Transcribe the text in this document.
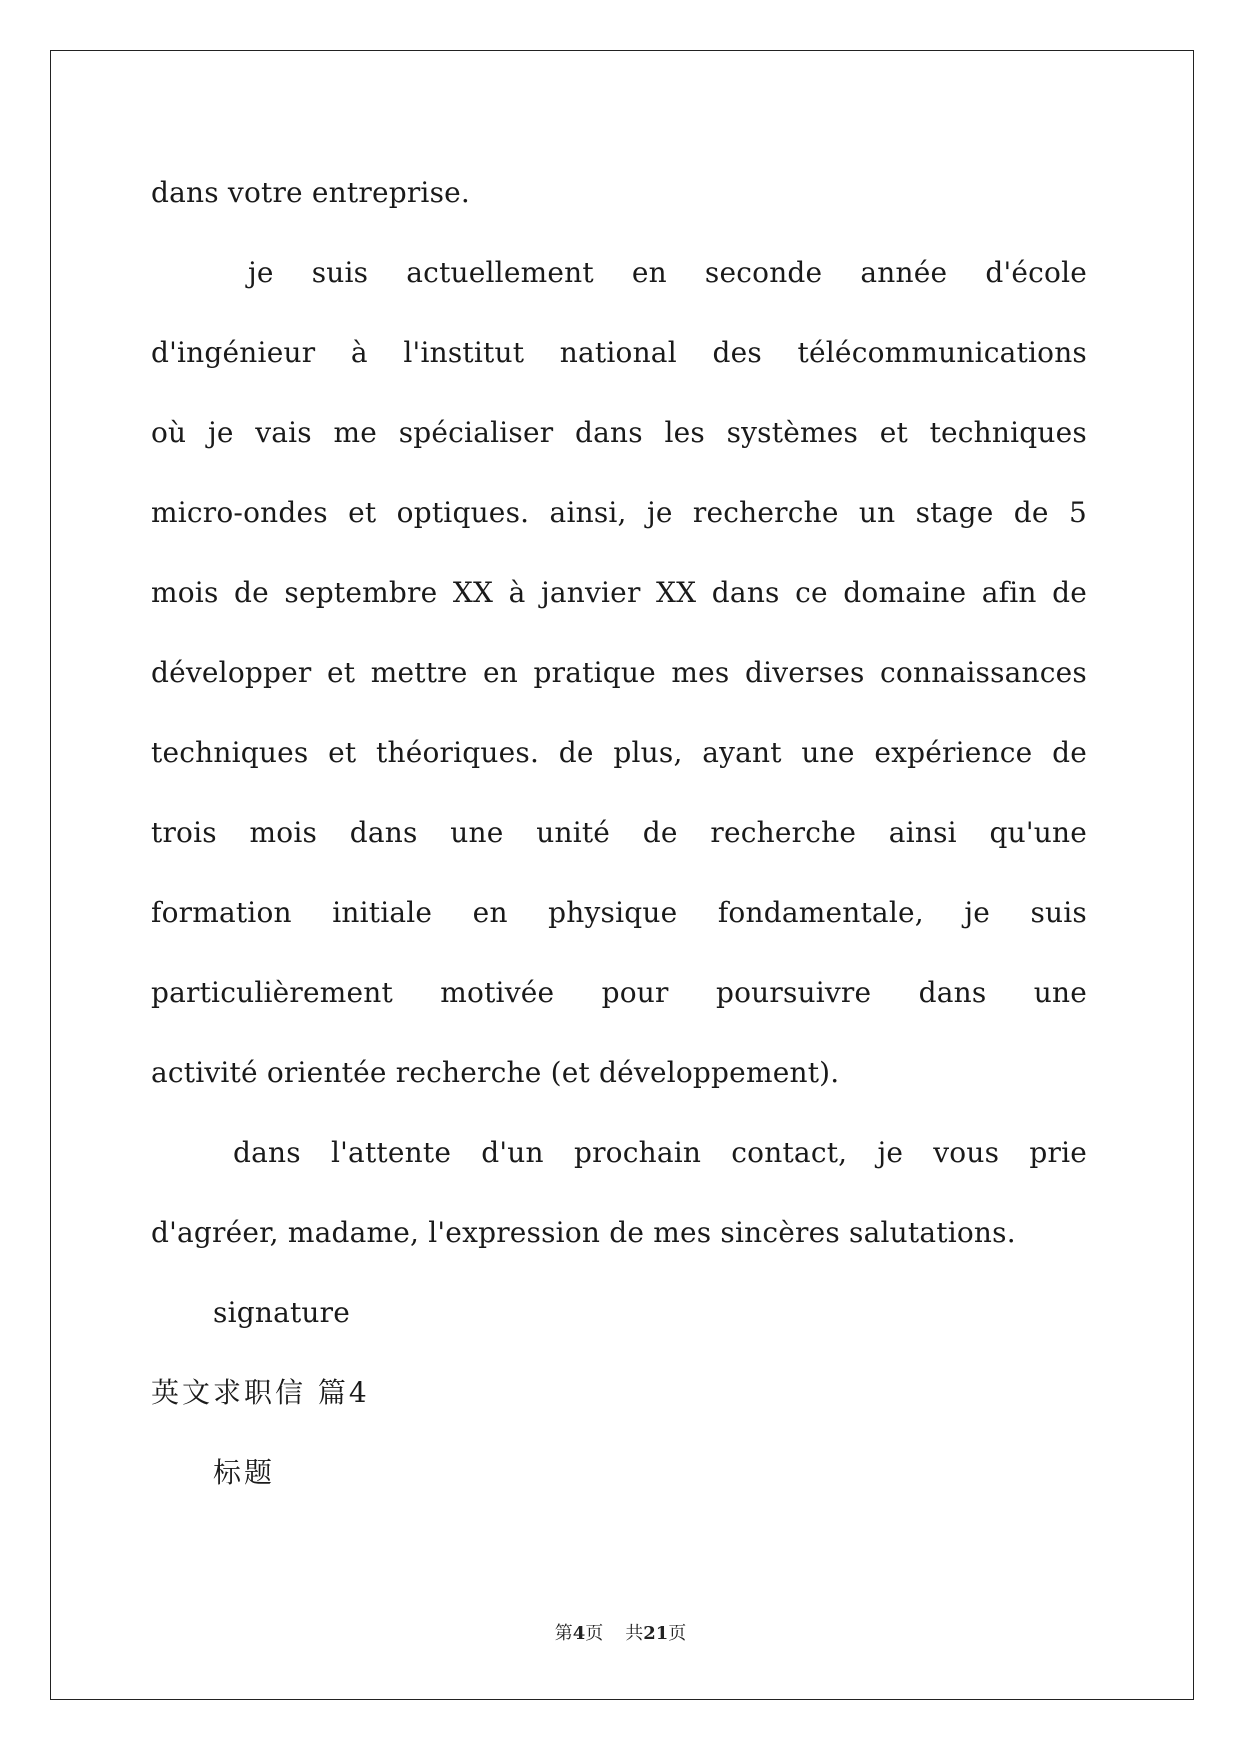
dans votre entreprise.
je suis actuellement en seconde année d'école
d'ingénieur à l'institut national des télécommunications
où je vais me spécialiser dans les systèmes et techniques
micro-ondes et optiques. ainsi, je recherche un stage de 5
mois de septembre XX à janvier XX dans ce domaine afin de
développer et mettre en pratique mes diverses connaissances
techniques et théoriques. de plus, ayant une expérience de
trois mois dans une unité de recherche ainsi qu'une
formation initiale en physique fondamentale, je suis
particulièrement motivée pour poursuivre dans une
activité orientée recherche (et développement).
dans l'attente d'un prochain contact, je vous prie
d'agréer, madame, l'expression de mes sincères salutations.
signature
英文求职信 篇4
标题
第4页 共21页
